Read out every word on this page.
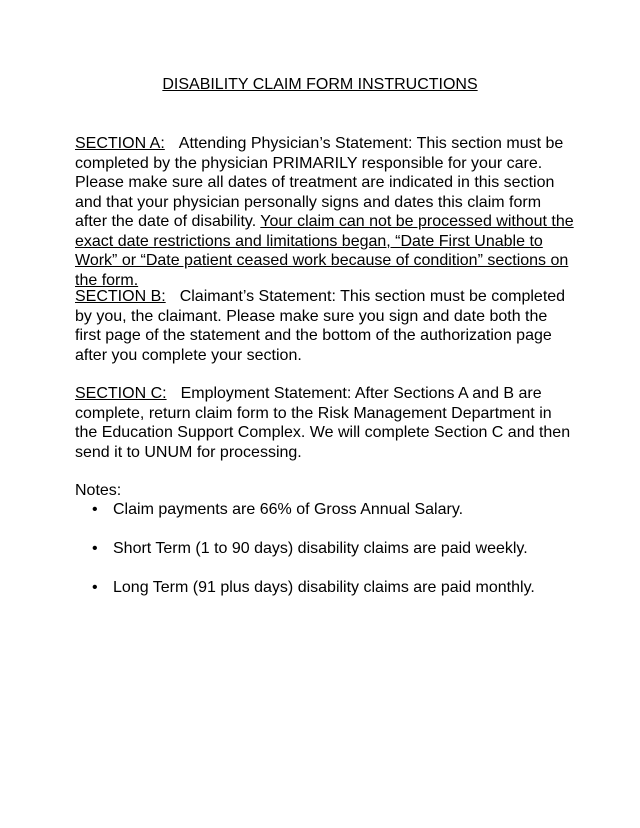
DISABILITY CLAIM FORM INSTRUCTIONS

SECTION A: Attending Physician’s Statement: This section must be completed by the physician PRIMARILY responsible for your care. Please make sure all dates of treatment are indicated in this section and that your physician personally signs and dates this claim form after the date of disability. Your claim can not be processed without the exact date restrictions and limitations began, “Date First Unable to Work” or “Date patient ceased work because of condition” sections on the form.

SECTION B: Claimant’s Statement: This section must be completed by you, the claimant. Please make sure you sign and date both the first page of the statement and the bottom of the authorization page after you complete your section.

SECTION C: Employment Statement: After Sections A and B are complete, return claim form to the Risk Management Department in the Education Support Complex. We will complete Section C and then send it to UNUM for processing.

Notes:

• Claim payments are 66% of Gross Annual Salary.
• Short Term (1 to 90 days) disability claims are paid weekly.
• Long Term (91 plus days) disability claims are paid monthly.
